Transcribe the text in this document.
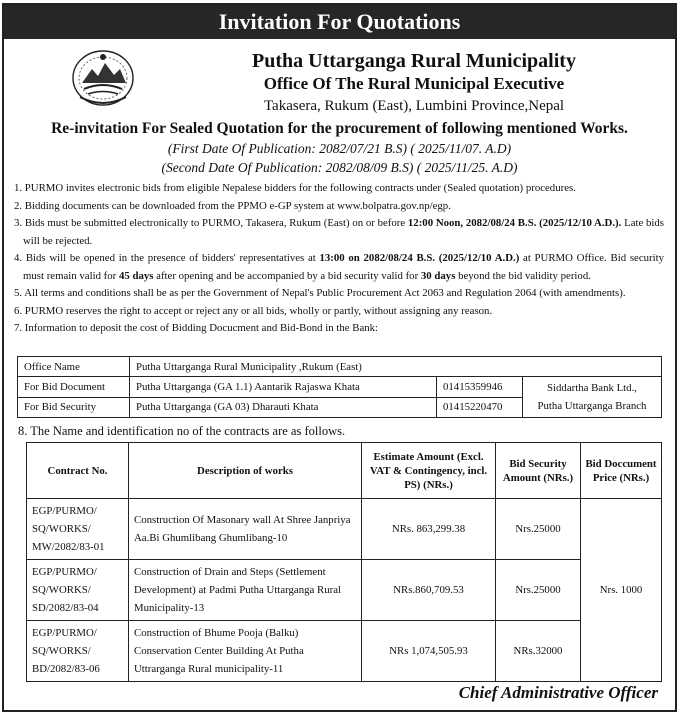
Invitation For Quotations
Putha Uttarganga Rural Municipality
Office Of The Rural Municipal Executive
Takasera, Rukum (East), Lumbini Province,Nepal
Re-invitation For Sealed Quotation for the procurement of following mentioned Works.
(First Date Of Publication: 2082/07/21 B.S) ( 2025/11/07. A.D)
(Second Date Of Publication: 2082/08/09 B.S) ( 2025/11/25. A.D)
1. PURMO invites electronic bids from eligible Nepalese bidders for the following contracts under (Sealed quotation) procedures.
2. Bidding documents can be downloaded from the PPMO e-GP system at www.bolpatra.gov.np/egp.
3. Bids must be submitted electronically to PURMO, Takasera, Rukum (East) on or before 12:00 Noon, 2082/08/24 B.S. (2025/12/10 A.D.). Late bids will be rejected.
4. Bids will be opened in the presence of bidders' representatives at 13:00 on 2082/08/24 B.S. (2025/12/10 A.D.) at PURMO Office. Bid security must remain valid for 45 days after opening and be accompanied by a bid security valid for 30 days beyond the bid validity period.
5. All terms and conditions shall be as per the Government of Nepal's Public Procurement Act 2063 and Regulation 2064 (with amendments).
6. PURMO reserves the right to accept or reject any or all bids, wholly or partly, without assigning any reason.
7. Information to deposit the cost of Bidding Docucment and Bid-Bond in the Bank:
Office Name	Putha Uttarganga Rural Municipality ,Rukum (East)		
For Bid Document	Putha Uttarganga (GA 1.1) Aantarik Rajaswa Khata	01415359946	Siddartha Bank Ltd.,
Putha Uttarganga Branch

For Bid Security	Putha Uttarganga (GA 03) Dharauti Khata	01415220470	
8. The Name and identification no of the contracts are as follows.
Contract No.	Description of works	Estimate Amount (Excl. VAT & Contingency, incl. PS) (NRs.)	Bid Security Amount (NRs.)	Bid Doccument Price (NRs.)
EGP/PURMO/ SQ/WORKS/ MW/2082/83-01	Construction Of Masonary wall At Shree Janpriya Aa.Bi Ghumlibang Ghumlibang-10	NRs. 863,299.38	Nrs.25000	Nrs. 1000
EGP/PURMO/ SQ/WORKS/ SD/2082/83-04	Construction of Drain and Steps (Settlement Development) at Padmi Putha Uttarganga Rural Municipality-13	NRs.860,709.53	Nrs.25000	
EGP/PURMO/ SQ/WORKS/ BD/2082/83-06	Construction of Bhume Pooja (Balku) Conservation Center Building At Putha Uttrarganga Rural municipality-11	NRs 1,074,505.93	NRs.32000	
Chief Administrative Officer
